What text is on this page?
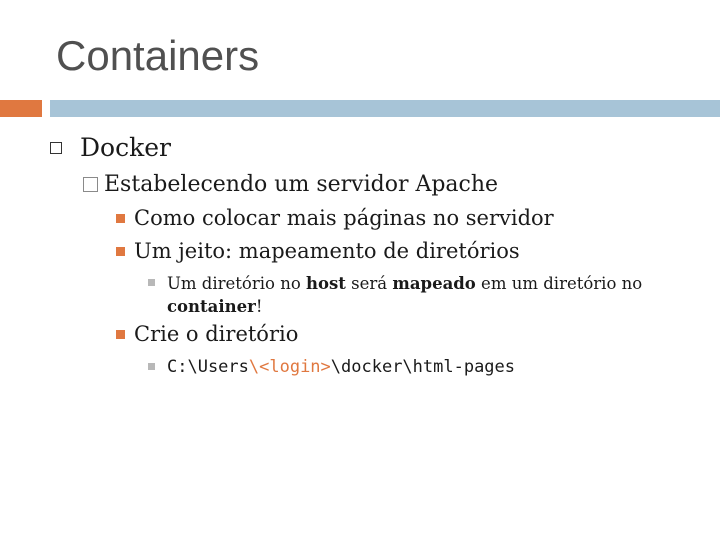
Containers
Docker
Estabelecendo um servidor Apache
Como colocar mais páginas no servidor
Um jeito: mapeamento de diretórios
Um diretório no host será mapeado em um diretório no
container!
Crie o diretório
C:\Users\<login>\docker\html-pages
